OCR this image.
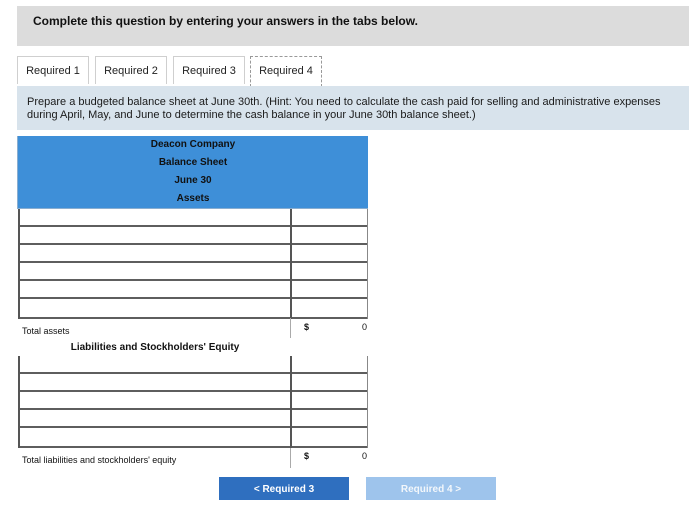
Complete this question by entering your answers in the tabs below.
Required 1	Required 2	Required 3	Required 4
Prepare a budgeted balance sheet at June 30th. (Hint: You need to calculate the cash paid for selling and administrative expenses during April, May, and June to determine the cash balance in your June 30th balance sheet.)
Deacon Company
Balance Sheet
June 30
Assets
Total assets	$	0
Liabilities and Stockholders' Equity
Total liabilities and stockholders' equity	$	0
< Required 3	Required 4 >
